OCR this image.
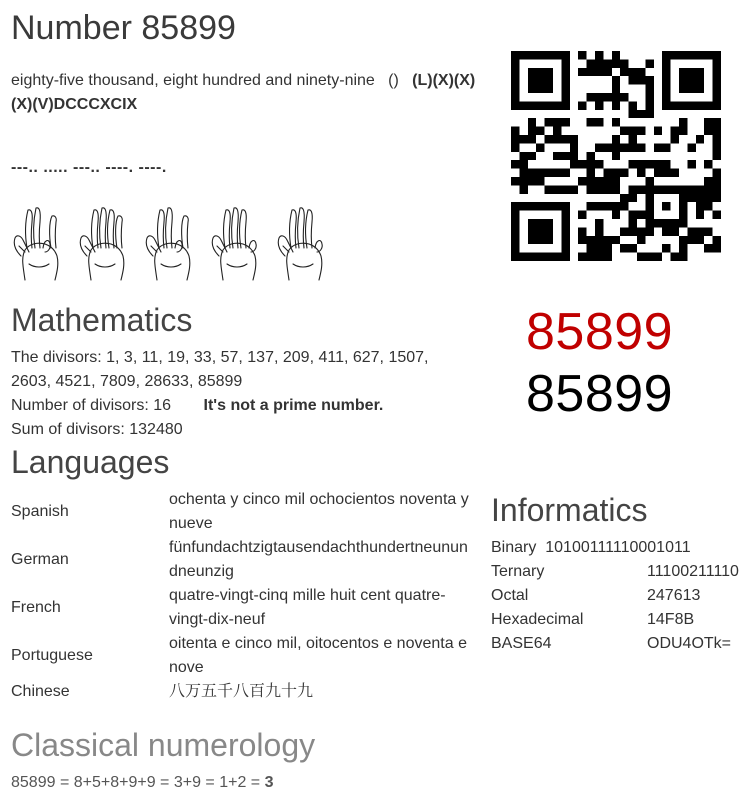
Number 85899
eighty-five thousand, eight hundred and ninety-nine () (L)(X)(X)(X)(V)DCCCXCIX
---.. ..... ---.. ----. ----.
85899
85899
Mathematics
The divisors: 1, 3, 11, 19, 33, 57, 137, 209, 411, 627, 1507, 2603, 4521, 7809, 28633, 85899
Number of divisors: 16 It's not a prime number.
Sum of divisors: 132480
Languages
Spanish	ochenta y cinco mil ochocientos noventa y nueve
German	fünfundachtzigtausendachthundertneunun dneunzig
French	quatre-vingt-cinq mille huit cent quatre-vingt-dix-neuf
Portuguese	oitenta e cinco mil, oitocentos e noventa e nove
Chinese	八万五千八百九十九
Informatics
Binary 10100111110001011	
Ternary	11100211110
Octal	247613
Hexadecimal	14F8B
BASE64	ODU4OTk=
Classical numerology
85899 = 8+5+8+9+9 = 3+9 = 1+2 = 3
